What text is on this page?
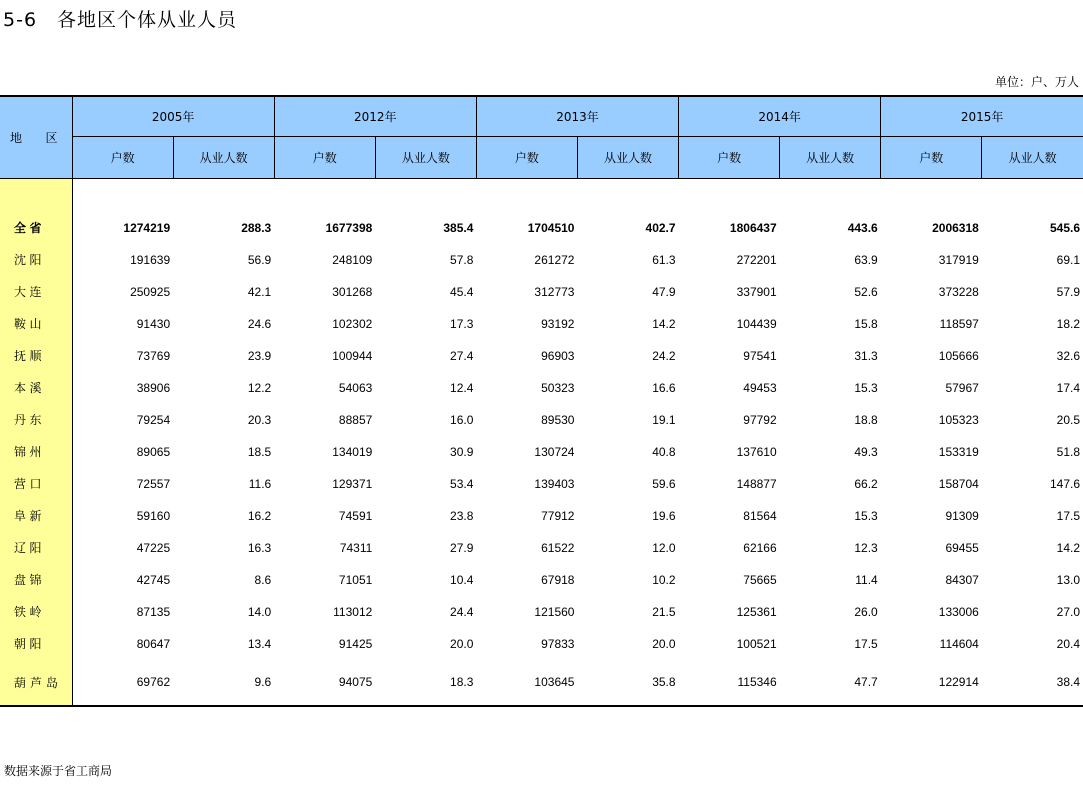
5-6　各地区个体从业人员
单位：户、万人
地 区	2005年		2012年		2013年		2014年		2015年	
	户数	从业人数	户数	从业人数	户数	从业人数	户数	从业人数	户数	从业人数

全 省	1274219	288.3	1677398	385.4	1704510	402.7	1806437	443.6	2006318	545.6

沈 阳	191639	56.9	248109	57.8	261272	61.3	272201	63.9	317919	69.1

大 连	250925	42.1	301268	45.4	312773	47.9	337901	52.6	373228	57.9

鞍 山	91430	24.6	102302	17.3	93192	14.2	104439	15.8	118597	18.2

抚 顺	73769	23.9	100944	27.4	96903	24.2	97541	31.3	105666	32.6

本 溪	38906	12.2	54063	12.4	50323	16.6	49453	15.3	57967	17.4

丹 东	79254	20.3	88857	16.0	89530	19.1	97792	18.8	105323	20.5

锦 州	89065	18.5	134019	30.9	130724	40.8	137610	49.3	153319	51.8

营 口	72557	11.6	129371	53.4	139403	59.6	148877	66.2	158704	147.6

阜 新	59160	16.2	74591	23.8	77912	19.6	81564	15.3	91309	17.5

辽 阳	47225	16.3	74311	27.9	61522	12.0	62166	12.3	69455	14.2

盘 锦	42745	8.6	71051	10.4	67918	10.2	75665	11.4	84307	13.0

铁 岭	87135	14.0	113012	24.4	121560	21.5	125361	26.0	133006	27.0

朝 阳	80647	13.4	91425	20.0	97833	20.0	100521	17.5	114604	20.4

葫芦岛	69762	9.6	94075	18.3	103645	35.8	115346	47.7	122914	38.4
数据来源于省工商局
